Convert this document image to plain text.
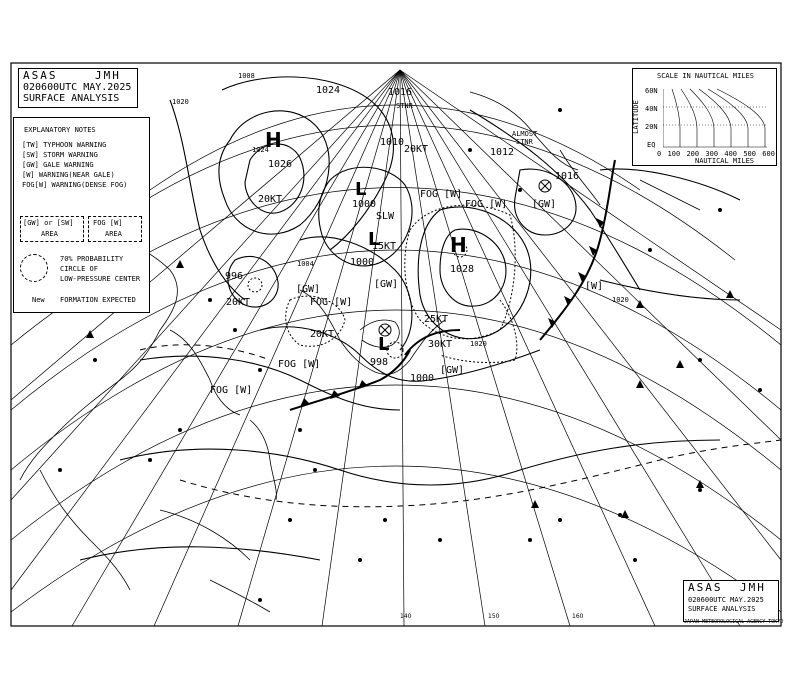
140	150	160
L
1000
L
1000
L
998
996
1010
H
1028
H
1026
1012
1016
1024
15KT
20KT
20KT
20KT
25KT
30KT
20KT
SLW
STNR
ALMOST
STNR
FOG [W]
FOG [W]
FOG [W]
FOG [W]
FOG [W]
[GW]
[GW]
[GW]
[GW]	[W]
1020
1020
1020
1000
1008
1004
1016
1024
ASAS	JMH
020600UTC MAY.2025
SURFACE ANALYSIS
EXPLANATORY NOTES
[TW] TYPHOON WARNING
[SW] STORM WARNING
[GW] GALE WARNING
[W] WARNING(NEAR GALE)
FOG[W] WARNING(DENSE FOG)
[GW] or [SW]
AREA
FOG [W]
AREA
70% PROBABILITY
CIRCLE OF
LOW-PRESSURE CENTER
New FORMATION EXPECTED
SCALE IN NAUTICAL MILES
LATITUDE
60N
40N
20N
EQ
0 100 200 300 400 500 600
NAUTICAL MILES
ASAS JMH
020600UTC MAY.2025
SURFACE ANALYSIS
JAPAN METEOROLOGICAL AGENCY TOKYO
